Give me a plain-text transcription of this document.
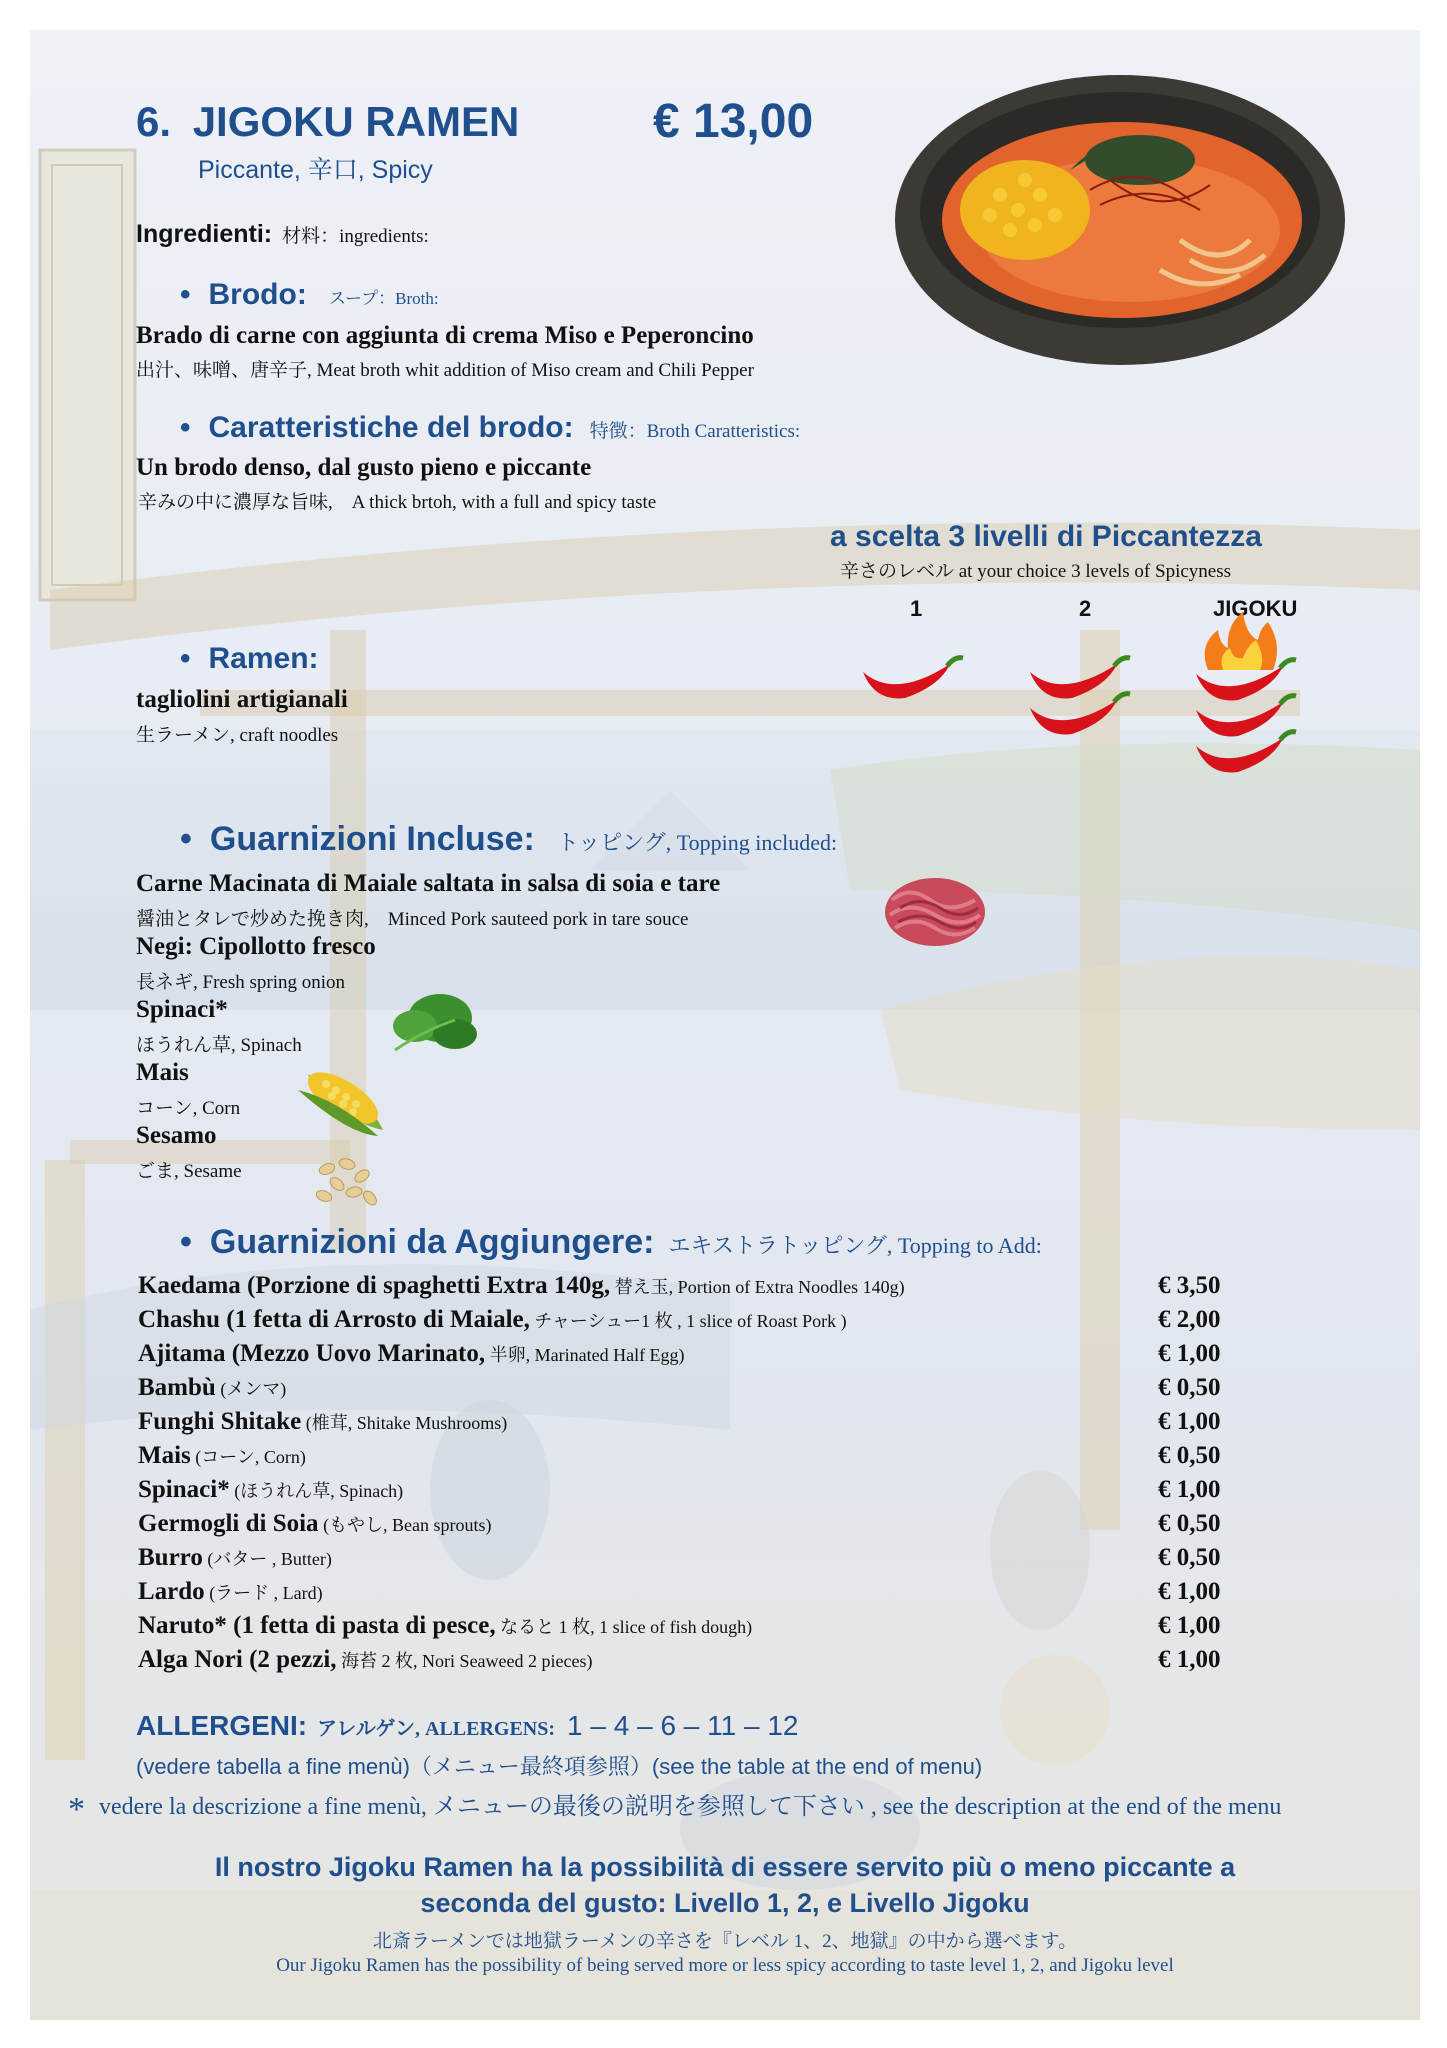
6. JIGOKU RAMEN	€ 13,00
Piccante, 辛口, Spicy
Ingredienti: 材料：ingredients:
• Brodo: スープ：Broth:
Brado di carne con aggiunta di crema Miso e Peperoncino
出汁、味噌、唐辛子, Meat broth whit addition of Miso cream and Chili Pepper
• Caratteristiche del brodo: 特徴：Broth Caratteristics:
Un brodo denso, dal gusto pieno e piccante
辛みの中に濃厚な旨味,　A thick brtoh, with a full and spicy taste
a scelta 3 livelli di Piccantezza
辛さのレベル at your choice 3 levels of Spicyness
1	2	JIGOKU
• Ramen:
tagliolini artigianali
生ラーメン, craft noodles
• Guarnizioni Incluse: トッピング, Topping included:
Carne Macinata di Maiale saltata in salsa di soia e tare
醤油とタレで炒めた挽き肉,　Minced Pork sauteed pork in tare souce
Negi: Cipollotto fresco
長ネギ, Fresh spring onion
Spinaci*
ほうれん草, Spinach
Mais
コーン, Corn
Sesamo
ごま, Sesame
• Guarnizioni da Aggiungere: エキストラトッピング, Topping to Add:
Kaedama (Porzione di spaghetti Extra 140g, 替え玉, Portion of Extra Noodles 140g)	€ 3,50
Chashu (1 fetta di Arrosto di Maiale, チャーシュー1 枚 , 1 slice of Roast Pork )	€ 2,00
Ajitama (Mezzo Uovo Marinato, 半卵, Marinated Half Egg)	€ 1,00
Bambù (メンマ)	€ 0,50
Funghi Shitake (椎茸, Shitake Mushrooms)	€ 1,00
Mais (コーン, Corn)	€ 0,50
Spinaci* (ほうれん草, Spinach)	€ 1,00
Germogli di Soia (もやし, Bean sprouts)	€ 0,50
Burro (バター , Butter)	€ 0,50
Lardo (ラード , Lard)	€ 1,00
Naruto* (1 fetta di pasta di pesce, なると 1 枚, 1 slice of fish dough)	€ 1,00
Alga Nori (2 pezzi, 海苔 2 枚, Nori Seaweed 2 pieces)	€ 1,00
ALLERGENI: アレルゲン, ALLERGENS: 1 – 4 – 6 – 11 – 12
(vedere tabella a fine menù)（メニュー最終項参照）(see the table at the end of menu)
* vedere la descrizione a fine menù, メニューの最後の説明を参照して下さい , see the description at the end of the menu
Il nostro Jigoku Ramen ha la possibilità di essere servito più o meno piccante a
seconda del gusto: Livello 1, 2, e Livello Jigoku
北斎ラーメンでは地獄ラーメンの辛さを『レベル 1、2、地獄』の中から選べます。
Our Jigoku Ramen has the possibility of being served more or less spicy according to taste level 1, 2, and Jigoku level
